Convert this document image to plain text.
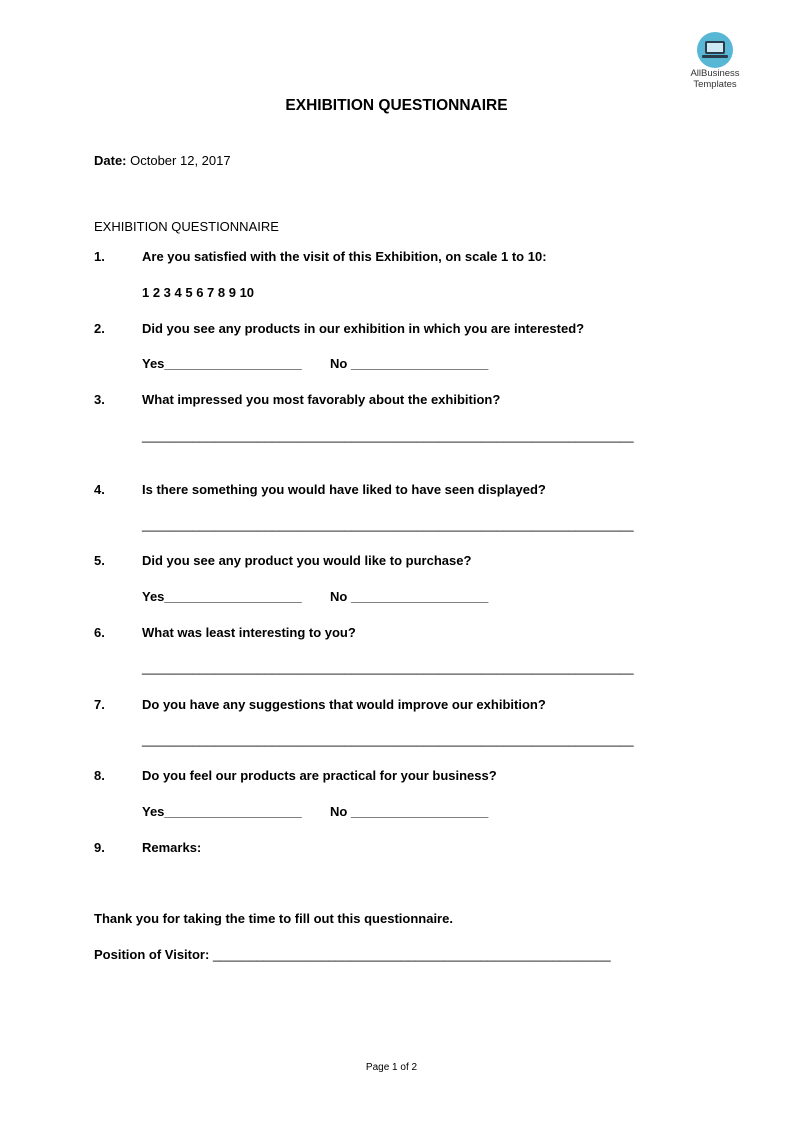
AllBusiness
Templates
EXHIBITION QUESTIONNAIRE
Date: October 12, 2017
EXHIBITION QUESTIONNAIRE
1.	Are you satisfied with the visit of this Exhibition, on scale 1 to 10:
1 2 3 4 5 6 7 8 9 10
2.	Did you see any products in our exhibition in which you are interested?
Yes___________________ No ___________________
3.	What impressed you most favorably about the exhibition?
____________________________________________________________________
4.	Is there something you would have liked to have seen displayed?
____________________________________________________________________
5.	Did you see any product you would like to purchase?
Yes___________________ No ___________________
6.	What was least interesting to you?
____________________________________________________________________
7.	Do you have any suggestions that would improve our exhibition?
____________________________________________________________________
8.	Do you feel our products are practical for your business?
Yes___________________ No ___________________
9.	Remarks:
Thank you for taking the time to fill out this questionnaire.
Position of Visitor: _______________________________________________________
Page 1 of 2
